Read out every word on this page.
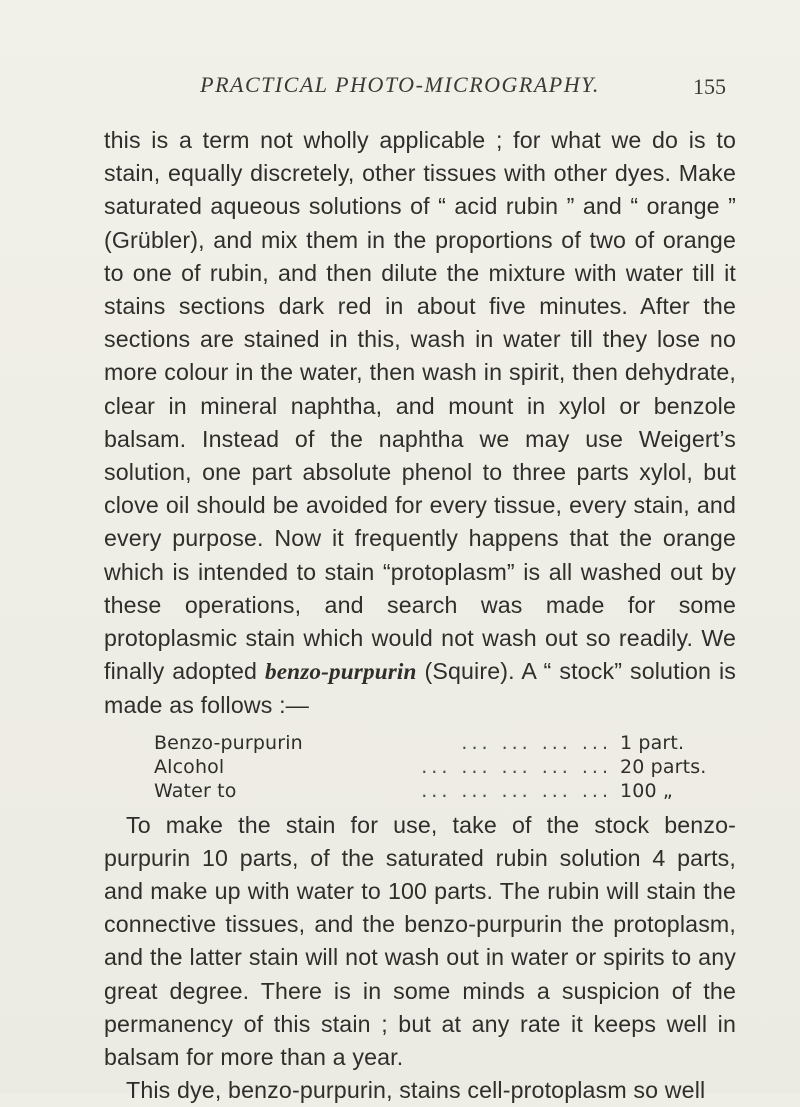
PRACTICAL PHOTO-MICROGRAPHY.	155

this is a term not wholly applicable ; for what we do is to stain, equally discretely, other tissues with other dyes. Make saturated aqueous solutions of “ acid rubin ” and “ orange ” (Grübler), and mix them in the proportions of two of orange to one of rubin, and then dilute the mixture with water till it stains sections dark red in about five minutes. After the sections are stained in this, wash in water till they lose no more colour in the water, then wash in spirit, then dehydrate, clear in mineral naphtha, and mount in xylol or benzole balsam. Instead of the naphtha we may use Weigert’s solution, one part absolute phenol to three parts xylol, but clove oil should be avoided for every tissue, every stain, and every purpose. Now it frequently happens that the orange which is intended to stain “protoplasm” is all washed out by these operations, and search was made for some protoplasmic stain which would not wash out so readily. We finally adopted benzo-purpurin (Squire). A “ stock” solution is made as follows :—

Benzo-purpurin	... ... ... ... 1 part.
Alcohol	... ... ... ... ... 20 parts.
Water to	... ... ... ... ... 100 „

To make the stain for use, take of the stock benzo-purpurin 10 parts, of the saturated rubin solution 4 parts, and make up with water to 100 parts. The rubin will stain the connective tissues, and the benzo-purpurin the protoplasm, and the latter stain will not wash out in water or spirits to any great degree. There is in some minds a suspicion of the permanency of this stain ; but at any rate it keeps well in balsam for more than a year.

This dye, benzo-purpurin, stains cell-protoplasm so well
